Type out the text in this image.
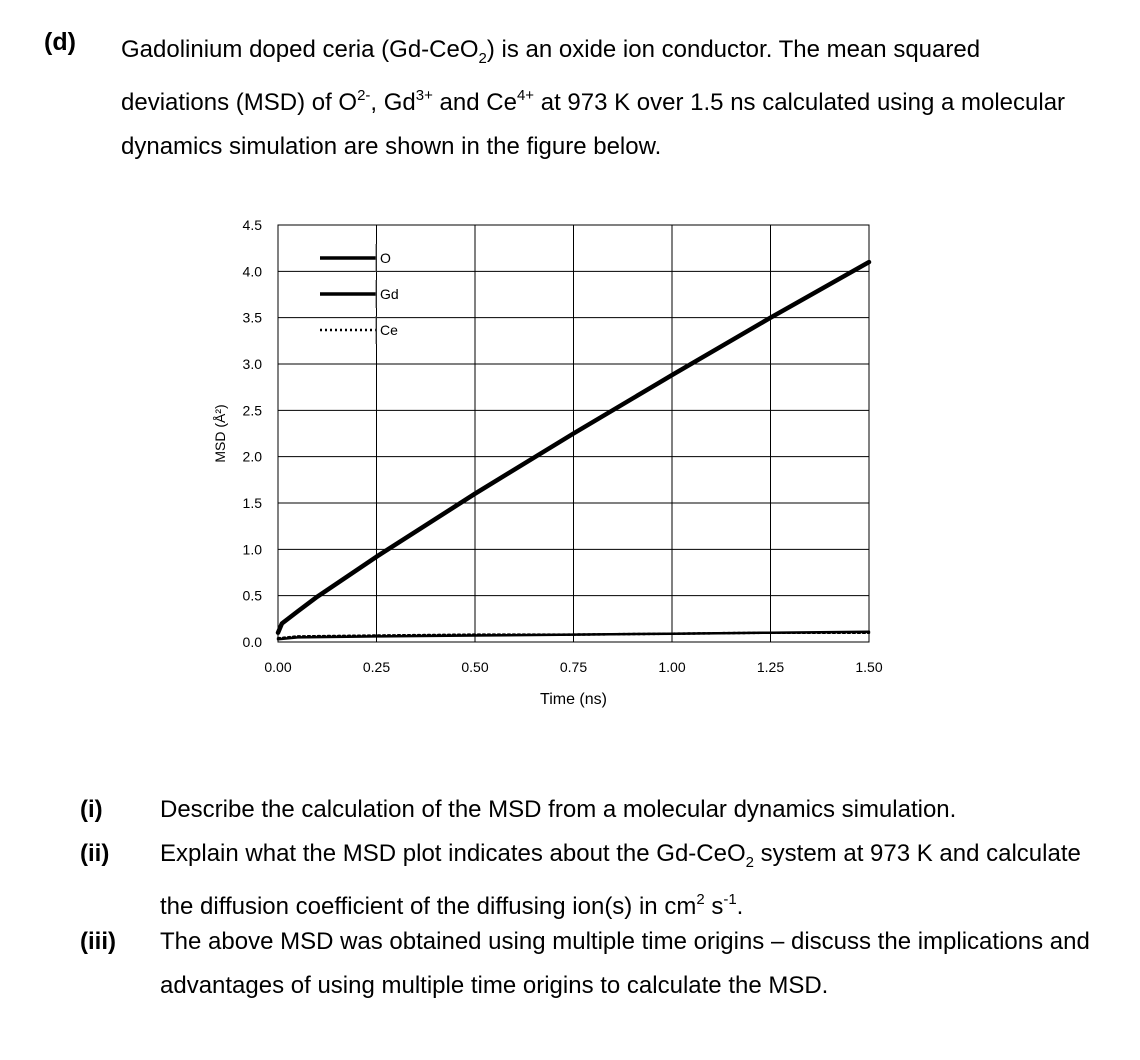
(d) Gadolinium doped ceria (Gd-CeO$_2$) is an oxide ion conductor. The mean squared deviations (MSD) of $O^{2-}$, $Gd^{3+}$ and $Ce^{4+}$ at 973 K over 1.5 ns calculated using a molecular dynamics simulation are shown in the figure below.
0.0
0.5
1.0
1.5
2.0
2.5
3.0
3.5
4.0
4.5
0.00	0.25	0.50	0.75	1.00	1.25	1.50
Time (ns)
MSD (Å²)
O
Gd
Ce
(i) Describe the calculation of the MSD from a molecular dynamics simulation.
(ii) Explain what the MSD plot indicates about the Gd-CeO$_2$ system at 973 K and calculate the diffusion coefficient of the diffusing ion(s) in $cm^2$ $s^{-1}$.
(iii) The above MSD was obtained using multiple time origins – discuss the implications and advantages of using multiple time origins to calculate the MSD.
